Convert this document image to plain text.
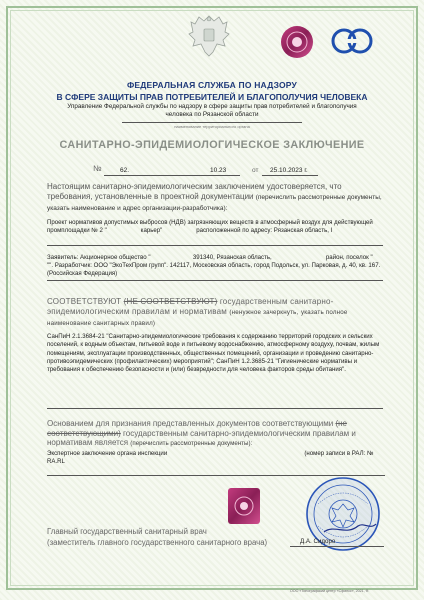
ФЕДЕРАЛЬНАЯ СЛУЖБА ПО НАДЗОРУ
В СФЕРЕ ЗАЩИТЫ ПРАВ ПОТРЕБИТЕЛЕЙ И БЛАГОПОЛУЧИЯ ЧЕЛОВЕКА
Управление Федеральной службы по надзору в сфере защиты прав потребителей и благополучия человека по Рязанской области
наименование территориального органа
САНИТАРНО-ЭПИДЕМИОЛОГИЧЕСКОЕ ЗАКЛЮЧЕНИЕ
№	62.	10.23	от 25.10.2023 г.
Настоящим санитарно-эпидемиологическим заключением удостоверяется, что требования, установленные в проектной документации (перечислить рассмотренные документы, указать наименование и адрес организации-разработчика):
Проект нормативов допустимых выбросов (НДВ) загрязняющих веществ в атмосферный воздух для действующей промплощадки № 2 "                    карьер"                    расположенной по адресу: Рязанская область, I
Заявитель: Акционерное общество "                         391340, Рязанская область,                                район, поселок "                   "". Разработчик: ООО "ЭкоТехПром групп". 142117, Московская область, город Подольск, ул. Парковая, д. 40, кв. 167.(Российская Федерация)
СООТВЕТСТВУЮТ (НЕ СООТВЕТСТВУЮТ) государственным санитарно-эпидемиологическим правилам и нормативам (ненужное зачеркнуть, указать полное наименование санитарных правил)
СанПиН 2.1.3684-21 "Санитарно-эпидемиологические требования к содержанию территорий городских и сельских поселений, к водным объектам, питьевой воде и питьевому водоснабжению, атмосферному воздуху, почвам, жилым помещениям, эксплуатации производственных, общественных помещений, организации и проведению санитарно- противоэпидемических (профилактических) мероприятий"; СанПиН 1.2.3685-21 "Гигиенические нормативы и требования к обеспечению безопасности и (или) безвредности для человека факторов среды обитания".
Основанием для признания представленных документов соответствующими (не соответствующими) государственным санитарно-эпидемиологическим правилам и нормативам является (перечислить рассмотренные документы):
Экспертное заключение органа инспекции                                                                                 (номер записи в РАЛ: № RA.RL
Главный государственный санитарный врач
(заместитель главного государственного санитарного врача)	Д.А. Сидоро
ООО «Типографский центр «Сфинкс», 2021, Ф.
